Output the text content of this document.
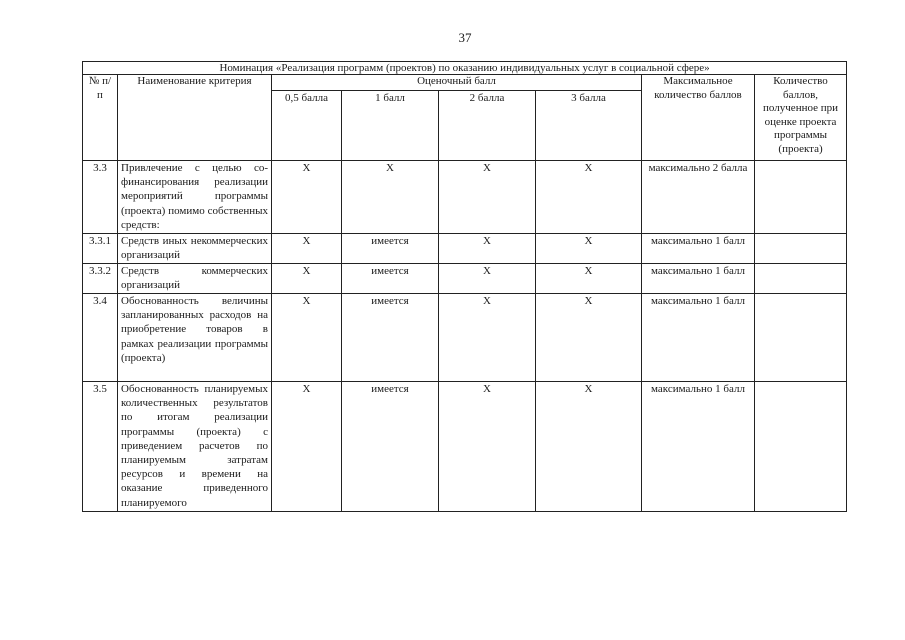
37
Номинация «Реализация программ (проектов) по оказанию индивидуальных услуг в социальной сфере»							
№ п/п	Наименование критерия	Оценочный балл				Максимальное количество баллов	Количество баллов, полученное при оценке проекта программы (проекта)
		0,5 балла	1 балл	2 балла	3 балла		
3.3	Привлечение с целью со-финансирования реализации мероприятий программы (проекта) помимо собственных средств:	X	X	X	X	максимально 2 балла	
3.3.1	Средств иных некоммерческих организаций	X	имеется	X	X	максимально 1 балл	
3.3.2	Средств коммерческих организаций	X	имеется	X	X	максимально 1 балл	
3.4	Обоснованность величины запланированных расходов на приобретение товаров в рамках реализации программы (проекта)	X	имеется	X	X	максимально 1 балл	
3.5	Обоснованность планируемых количественных результатов по итогам реализации программы (проекта) с приведением расчетов по планируемым затратам ресурсов и времени на оказание приведенного планируемого	X	имеется	X	X	максимально 1 балл	
